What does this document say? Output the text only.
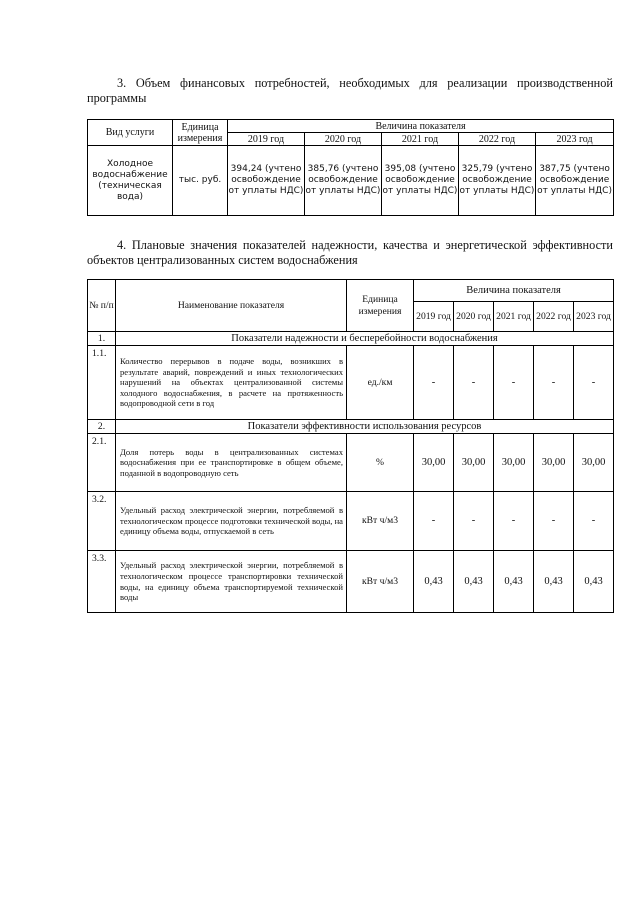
3. Объем финансовых потребностей, необходимых для реализации производственной программы
Вид услуги	Единица измерения	Величина показателя				
		2019 год	2020 год	2021 год	2022 год	2023 год
Холодное водоснабжение (техническая вода)	тыс. руб.	394,24 (учтено освобождение от уплаты НДС)	385,76 (учтено освобождение от уплаты НДС)	395,08 (учтено освобождение от уплаты НДС)	325,79 (учтено освобождение от уплаты НДС)	387,75 (учтено освобождение от уплаты НДС)
4. Плановые значения показателей надежности, качества и энергетической эффективности объектов централизованных систем водоснабжения
№ п/п	Наименование показателя	Единица измерения	Величина показателя				
			2019 год	2020 год	2021 год	2022 год	2023 год
1.	Показатели надежности и бесперебойности водоснабжения						
1.1.	Количество перерывов в подаче воды, возникших в результате аварий, повреждений и иных технологических нарушений на объектах централизованной системы холодного водоснабжения, в расчете на протяженность водопроводной сети в год	ед./км	-	-	-	-	-
2.	Показатели эффективности использования ресурсов						
2.1.	Доля потерь воды в централизованных системах водоснабжения при ее транспортировке в общем объеме, поданной в водопроводную сеть	%	30,00	30,00	30,00	30,00	30,00
3.2.	Удельный расход электрической энергии, потребляемой в технологическом процессе подготовки технической воды, на единицу объема воды, отпускаемой в сеть	кВт ч/м3	-	-	-	-	-
3.3.	Удельный расход электрической энергии, потребляемой в технологическом процессе транспортировки технической воды, на единицу объема транспортируемой технической воды	кВт ч/м3	0,43	0,43	0,43	0,43	0,43
